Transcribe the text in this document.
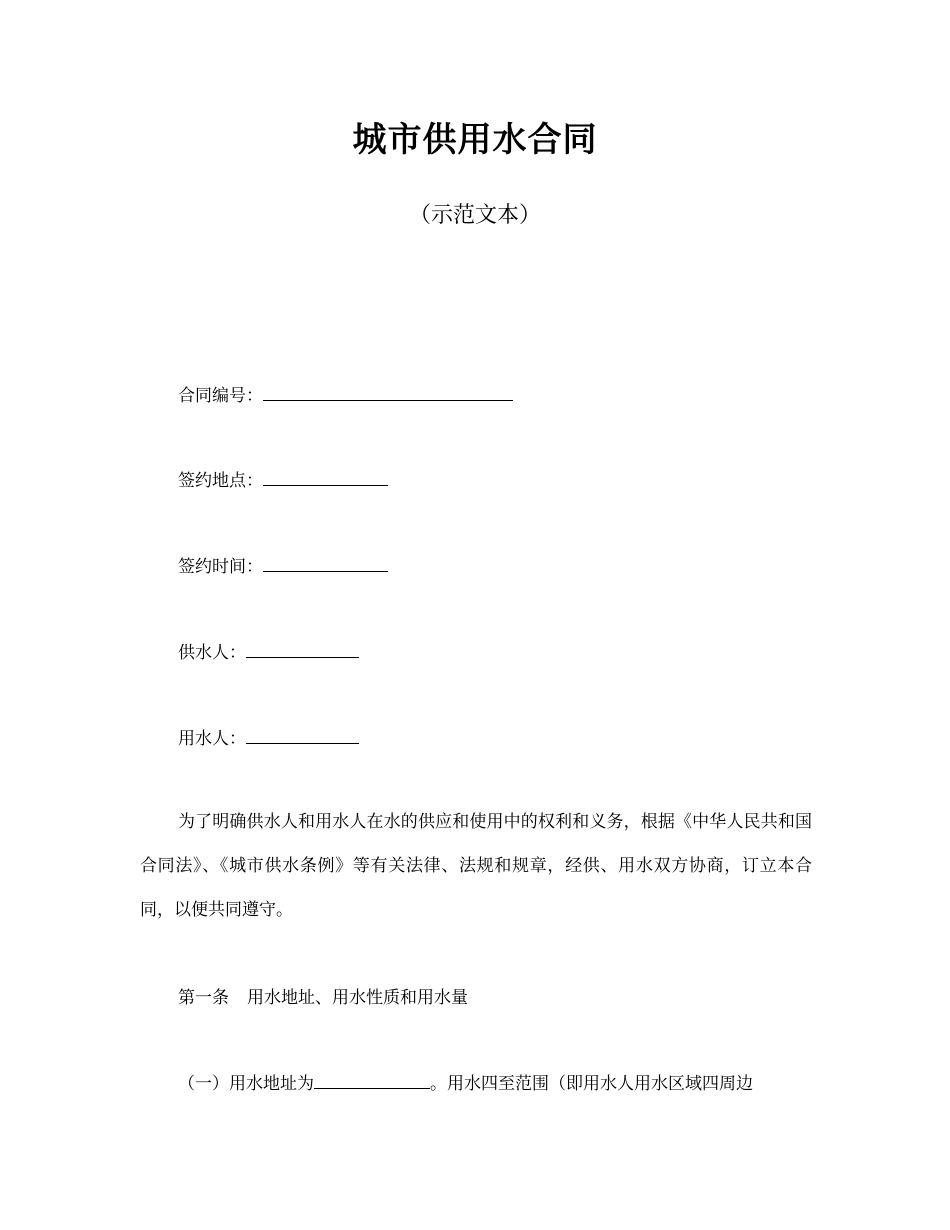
城市供用水合同
（示范文本）
合同编号：
签约地点：
签约时间：
供水人：
用水人：
为了明确供水人和用水人在水的供应和使用中的权利和义务，根据《中华人民共和国合同法》、《城市供水条例》等有关法律、法规和规章，经供、用水双方协商，订立本合同，以便共同遵守。
第一条 用水地址、用水性质和用水量
（一）用水地址为	。用水四至范围（即用水人用水区域四周边
